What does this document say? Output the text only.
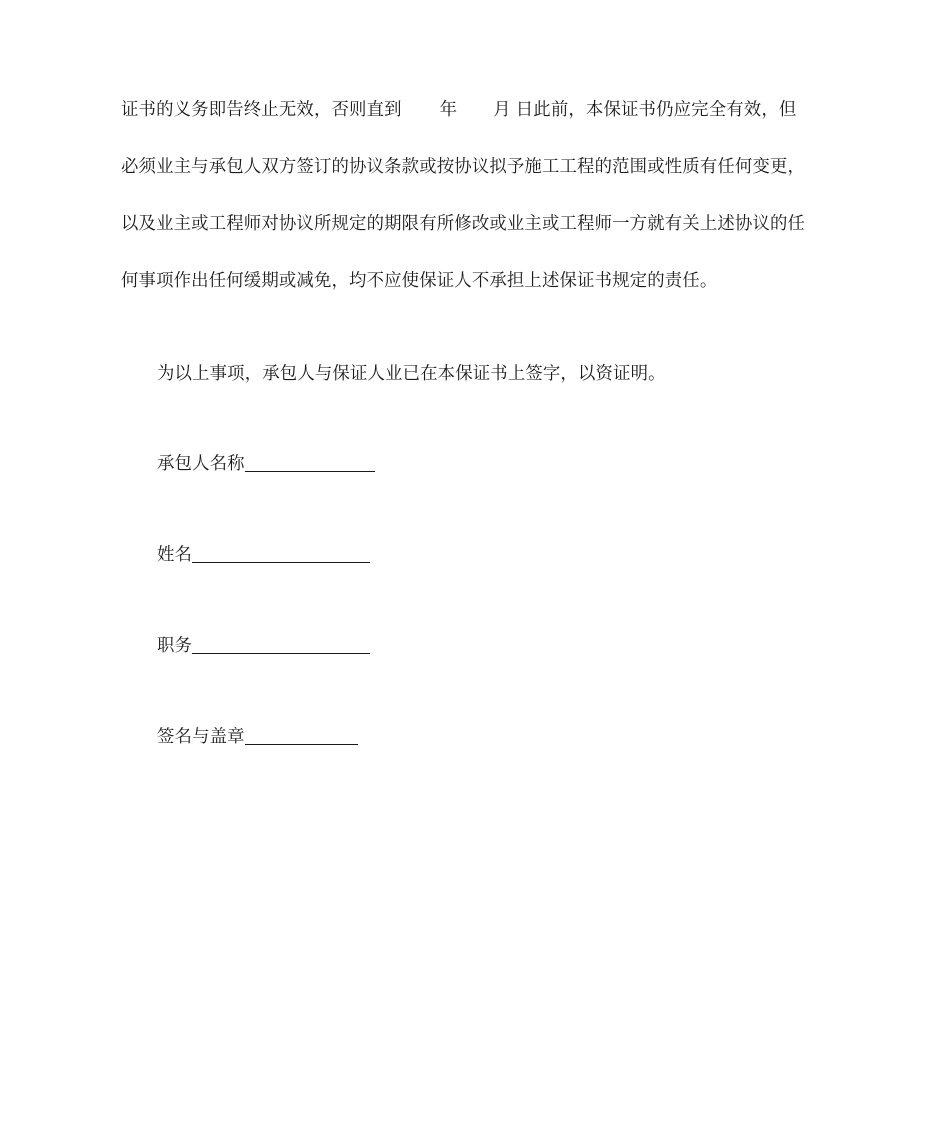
证书的义务即告终止无效，否则直到 年 月 日此前，本保证书仍应完全有效，但
必须业主与承包人双方签订的协议条款或按协议拟予施工工程的范围或性质有任何变更，
以及业主或工程师对协议所规定的期限有所修改或业主或工程师一方就有关上述协议的任
何事项作出任何缓期或减免，均不应使保证人不承担上述保证书规定的责任。
为以上事项，承包人与保证人业已在本保证书上签字，以资证明。
承包人名称
姓名
职务
签名与盖章
